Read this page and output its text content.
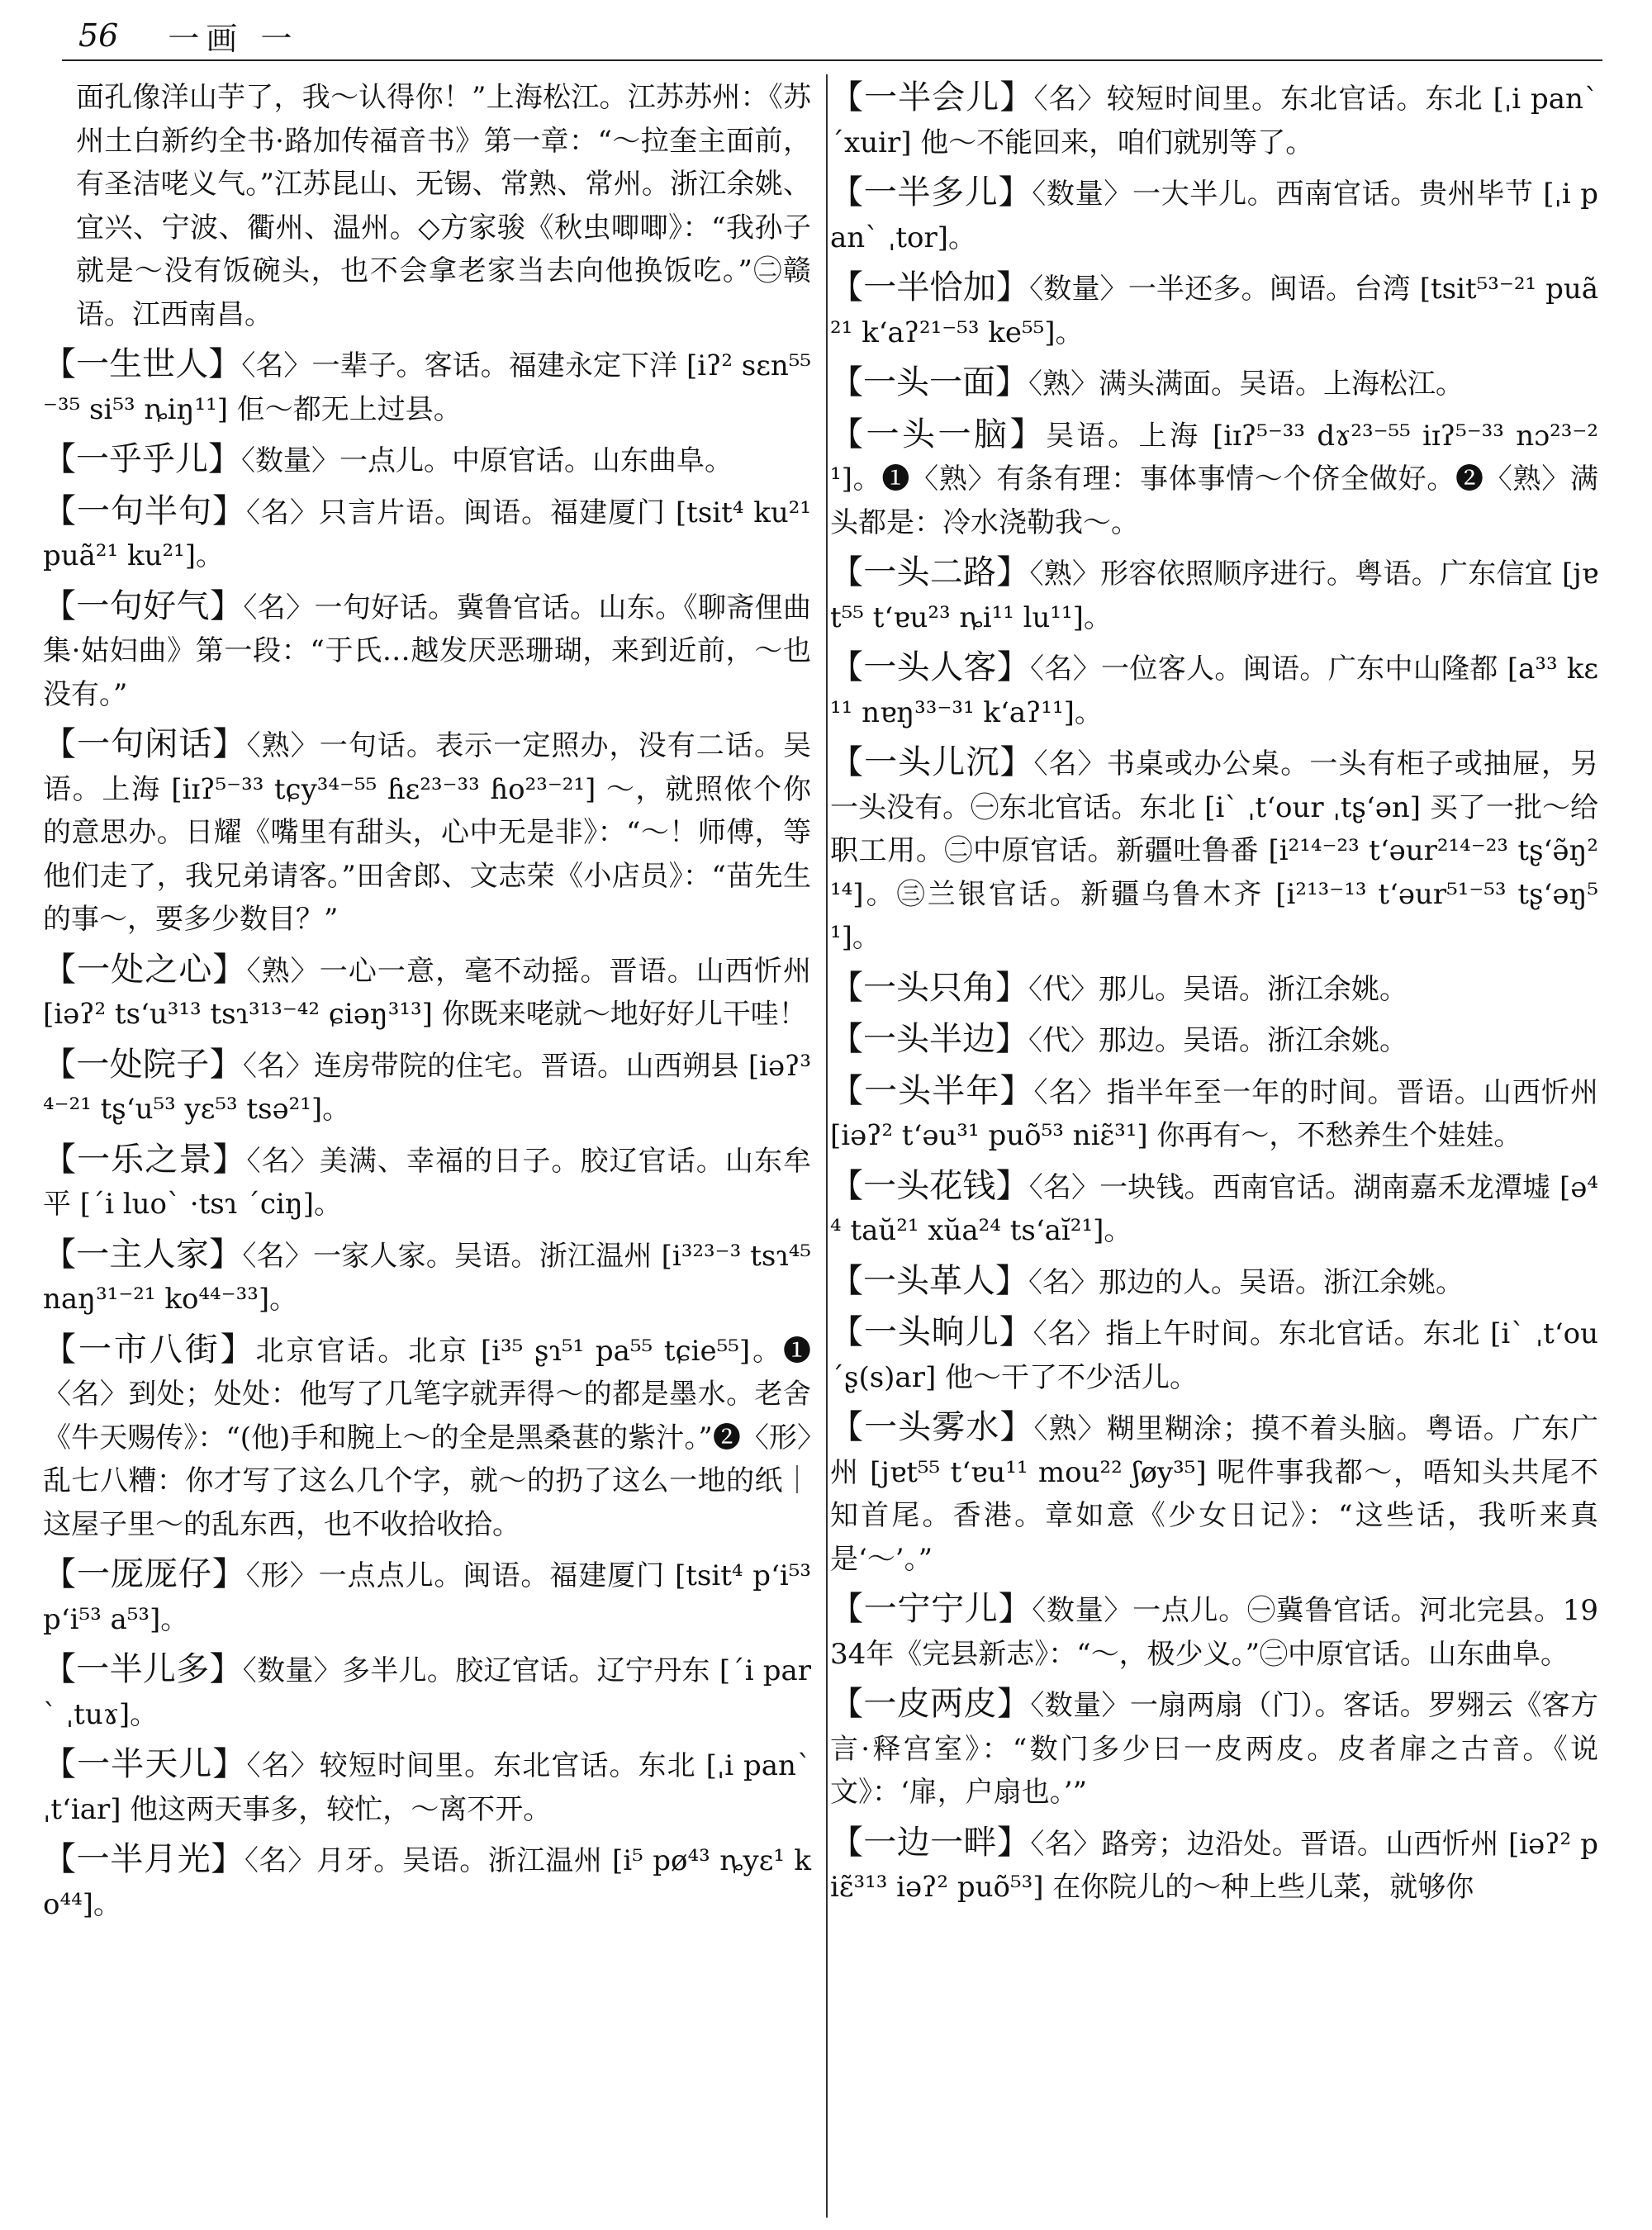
56 一画 一
面孔像洋山芋了，我～认得你！”上海松江。江苏苏州：《苏州土白新约全书·路加传福音书》第一章：“～拉奎主面前，有圣洁咾义气。”江苏昆山、无锡、常熟、常州。浙江余姚、宜兴、宁波、衢州、温州。◇方家骏《秋虫唧唧》：“我孙子就是～没有饭碗头，也不会拿老家当去向他换饭吃。”㊁赣语。江西南昌。
【一生世人】〈名〉一辈子。客话。福建永定下洋 [iʔ² sɛn⁵⁵⁻³⁵ si⁵³ ȵiŋ¹¹] 佢～都无上过县。
【一乎乎儿】〈数量〉一点儿。中原官话。山东曲阜。
【一句半句】〈名〉只言片语。闽语。福建厦门 [tsit⁴ ku²¹ puã²¹ ku²¹]。
【一句好气】〈名〉一句好话。冀鲁官话。山东。《聊斋俚曲集·姑妇曲》第一段：“于氏…越发厌恶珊瑚，来到近前，～也没有。”
【一句闲话】〈熟〉一句话。表示一定照办，没有二话。吴语。上海 [iɪʔ⁵⁻³³ tɕy³⁴⁻⁵⁵ ɦɛ²³⁻³³ ɦo²³⁻²¹] ～，就照侬个你的意思办。日耀《嘴里有甜头，心中无是非》：“～！师傅，等他们走了，我兄弟请客。”田舍郎、文志荣《小店员》：“苗先生的事～，要多少数目？”
【一处之心】〈熟〉一心一意，毫不动摇。晋语。山西忻州 [iəʔ² tsʻu³¹³ tsɿ³¹³⁻⁴² ɕiəŋ³¹³] 你既来咾就～地好好儿干哇！
【一处院子】〈名〉连房带院的住宅。晋语。山西朔县 [iəʔ³⁴⁻²¹ tʂʻu⁵³ yɛ⁵³ tsə²¹]。
【一乐之景】〈名〉美满、幸福的日子。胶辽官话。山东牟平 [ˊi luoˋ ·tsɿ ˊciŋ]。
【一主人家】〈名〉一家人家。吴语。浙江温州 [i³²³⁻³ tsɿ⁴⁵ naŋ³¹⁻²¹ ko⁴⁴⁻³³]。
【一市八街】北京官话。北京 [i³⁵ ʂɿ⁵¹ pa⁵⁵ tɕie⁵⁵]。❶〈名〉到处；处处：他写了几笔字就弄得～的都是墨水。老舍《牛天赐传》：“(他)手和腕上～的全是黑桑葚的紫汁。”❷〈形〉乱七八糟：你才写了这么几个字，就～的扔了这么一地的纸｜这屋子里～的乱东西，也不收拾收拾。
【一厐厐仔】〈形〉一点点儿。闽语。福建厦门 [tsit⁴ pʻi⁵³ pʻi⁵³ a⁵³]。
【一半儿多】〈数量〉多半儿。胶辽官话。辽宁丹东 [ˊi parˋ ˌtuɤ]。
【一半天儿】〈名〉较短时间里。东北官话。东北 [ˌi panˋ ˌtʻiar] 他这两天事多，较忙，～离不开。
【一半月光】〈名〉月牙。吴语。浙江温州 [i⁵ pø⁴³ ȵyɛ¹ ko⁴⁴]。
【一半会儿】〈名〉较短时间里。东北官话。东北 [ˌi panˋ ˊxuir] 他～不能回来，咱们就别等了。
【一半多儿】〈数量〉一大半儿。西南官话。贵州毕节 [ˌi panˋ ˌtor]。
【一半恰加】〈数量〉一半还多。闽语。台湾 [tsit⁵³⁻²¹ puã²¹ kʻaʔ²¹⁻⁵³ ke⁵⁵]。
【一头一面】〈熟〉满头满面。吴语。上海松江。
【一头一脑】吴语。上海 [iɪʔ⁵⁻³³ dɤ²³⁻⁵⁵ iɪʔ⁵⁻³³ nɔ²³⁻²¹]。❶〈熟〉有条有理：事体事情～个侪全做好。❷〈熟〉满头都是：冷水浇勒我～。
【一头二路】〈熟〉形容依照顺序进行。粤语。广东信宜 [jɐt⁵⁵ tʻɐu²³ ȵi¹¹ lu¹¹]。
【一头人客】〈名〉一位客人。闽语。广东中山隆都 [a³³ kɛ¹¹ nɐŋ³³⁻³¹ kʻaʔ¹¹]。
【一头儿沉】〈名〉书桌或办公桌。一头有柜子或抽屉，另一头没有。㊀东北官话。东北 [iˋ ˌtʻour ˌtʂʻən] 买了一批～给职工用。㊁中原官话。新疆吐鲁番 [i²¹⁴⁻²³ tʻəur²¹⁴⁻²³ tʂʻə̃ŋ²¹⁴]。㊂兰银官话。新疆乌鲁木齐 [i²¹³⁻¹³ tʻəur⁵¹⁻⁵³ tʂʻəŋ⁵¹]。
【一头只角】〈代〉那儿。吴语。浙江余姚。
【一头半边】〈代〉那边。吴语。浙江余姚。
【一头半年】〈名〉指半年至一年的时间。晋语。山西忻州 [iəʔ² tʻəu³¹ puõ⁵³ niɛ̃³¹] 你再有～，不愁养生个娃娃。
【一头花钱】〈名〉一块钱。西南官话。湖南嘉禾龙潭墟 [ə⁴⁴ taŭ²¹ xŭa²⁴ tsʻaĭ²¹]。
【一头革人】〈名〉那边的人。吴语。浙江余姚。
【一头晌儿】〈名〉指上午时间。东北官话。东北 [iˋ ˌtʻou ˊʂ(s)ar] 他～干了不少活儿。
【一头雾水】〈熟〉糊里糊涂；摸不着头脑。粤语。广东广州 [jɐt⁵⁵ tʻɐu¹¹ mou²² ʃøy³⁵] 呢件事我都～，唔知头共尾不知首尾。香港。章如意《少女日记》：“这些话，我听来真是‘～’。”
【一宁宁儿】〈数量〉一点儿。㊀冀鲁官话。河北完县。1934年《完县新志》：“～，极少义。”㊁中原官话。山东曲阜。
【一皮两皮】〈数量〉一扇两扇（门）。客话。罗翙云《客方言·释宫室》：“数门多少曰一皮两皮。皮者扉之古音。《说文》：‘扉，户扇也。’”
【一边一畔】〈名〉路旁；边沿处。晋语。山西忻州 [iəʔ² piɛ̃³¹³ iəʔ² puõ⁵³] 在你院儿的～种上些儿菜，就够你
